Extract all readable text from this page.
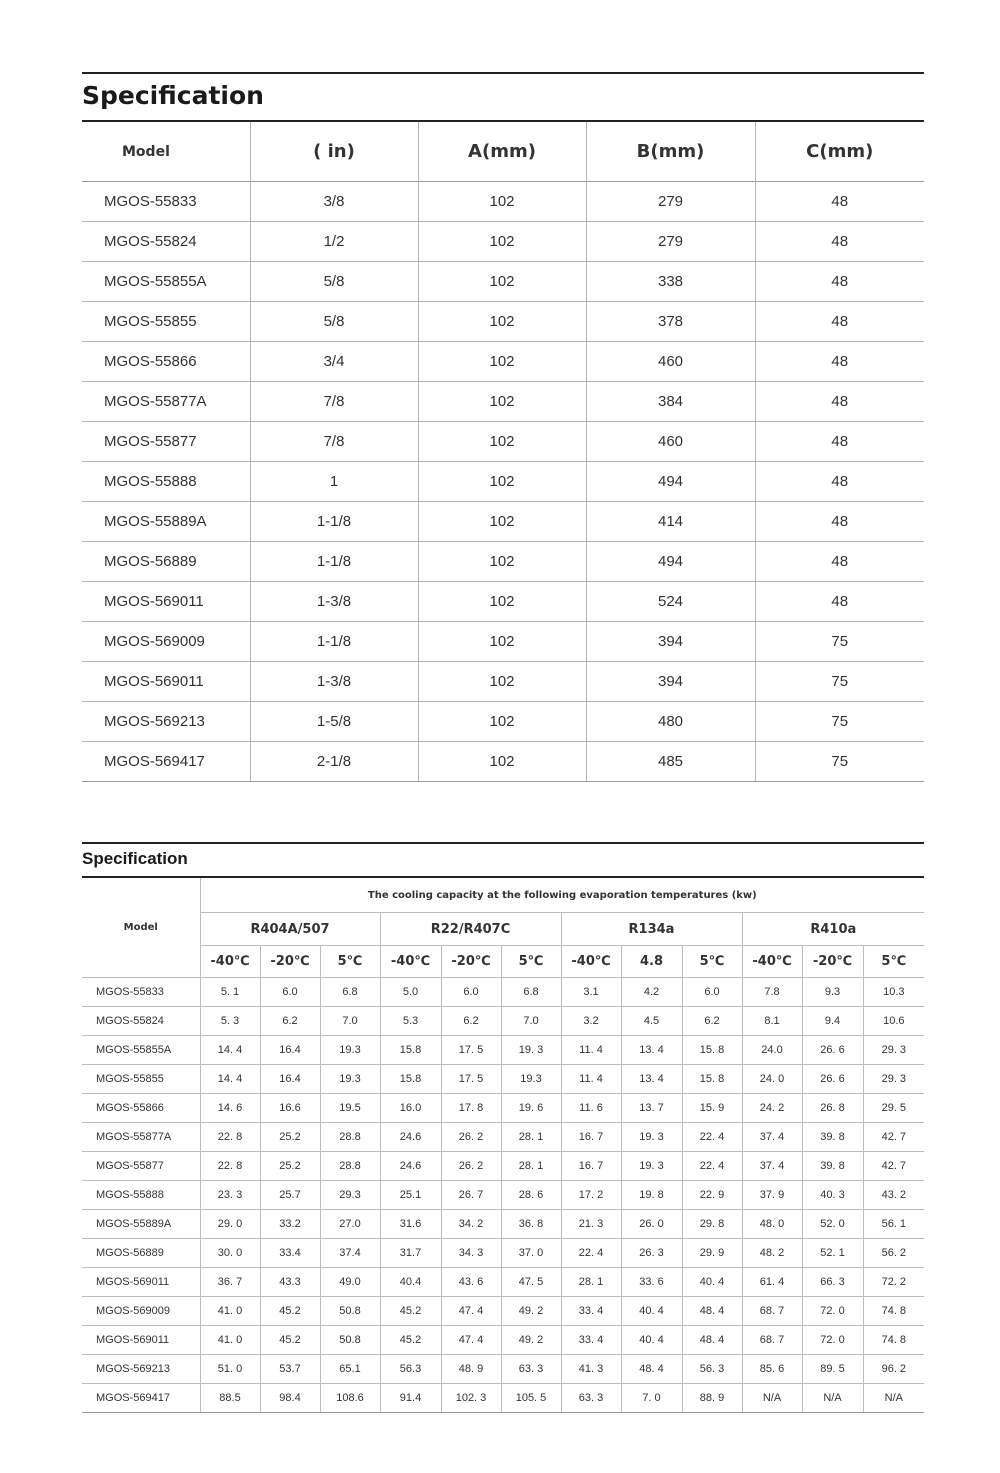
Specification
Model	( in)	A(mm)	B(mm)	C(mm)
MGOS-55833	3/8	102	279	48
MGOS-55824	1/2	102	279	48
MGOS-55855A	5/8	102	338	48
MGOS-55855	5/8	102	378	48
MGOS-55866	3/4	102	460	48
MGOS-55877A	7/8	102	384	48
MGOS-55877	7/8	102	460	48
MGOS-55888	1	102	494	48
MGOS-55889A	1-1/8	102	414	48
MGOS-56889	1-1/8	102	494	48
MGOS-569011	1-3/8	102	524	48
MGOS-569009	1-1/8	102	394	75
MGOS-569011	1-3/8	102	394	75
MGOS-569213	1-5/8	102	480	75
MGOS-569417	2-1/8	102	485	75
Specification
Model	The cooling capacity at the following evaporation temperatures (kw)											
	R404A/507			R22/R407C			R134a			R410a		
	-40℃	-20℃	5℃	-40℃	-20℃	5℃	-40℃	4.8	5℃	-40℃	-20℃	5℃
MGOS-55833	5. 1	6.0	6.8	5.0	6.0	6.8	3.1	4.2	6.0	7.8	9.3	10.3
MGOS-55824	5. 3	6.2	7.0	5.3	6.2	7.0	3.2	4.5	6.2	8.1	9.4	10.6
MGOS-55855A	14. 4	16.4	19.3	15.8	17. 5	19. 3	11. 4	13. 4	15. 8	24.0	26. 6	29. 3
MGOS-55855	14. 4	16.4	19.3	15.8	17. 5	19.3	11. 4	13. 4	15. 8	24. 0	26. 6	29. 3
MGOS-55866	14. 6	16.6	19.5	16.0	17. 8	19. 6	11. 6	13. 7	15. 9	24. 2	26. 8	29. 5
MGOS-55877A	22. 8	25.2	28.8	24.6	26. 2	28. 1	16. 7	19. 3	22. 4	37. 4	39. 8	42. 7
MGOS-55877	22. 8	25.2	28.8	24.6	26. 2	28. 1	16. 7	19. 3	22. 4	37. 4	39. 8	42. 7
MGOS-55888	23. 3	25.7	29.3	25.1	26. 7	28. 6	17. 2	19. 8	22. 9	37. 9	40. 3	43. 2
MGOS-55889A	29. 0	33.2	27.0	31.6	34. 2	36. 8	21. 3	26. 0	29. 8	48. 0	52. 0	56. 1
MGOS-56889	30. 0	33.4	37.4	31.7	34. 3	37. 0	22. 4	26. 3	29. 9	48. 2	52. 1	56. 2
MGOS-569011	36. 7	43.3	49.0	40.4	43. 6	47. 5	28. 1	33. 6	40. 4	61. 4	66. 3	72. 2
MGOS-569009	41. 0	45.2	50.8	45.2	47. 4	49. 2	33. 4	40. 4	48. 4	68. 7	72. 0	74. 8
MGOS-569011	41. 0	45.2	50.8	45.2	47. 4	49. 2	33. 4	40. 4	48. 4	68. 7	72. 0	74. 8
MGOS-569213	51. 0	53.7	65.1	56.3	48. 9	63. 3	41. 3	48. 4	56. 3	85. 6	89. 5	96. 2
MGOS-569417	88.5	98.4	108.6	91.4	102. 3	105. 5	63. 3	7. 0	88. 9	N/A	N/A	N/A
